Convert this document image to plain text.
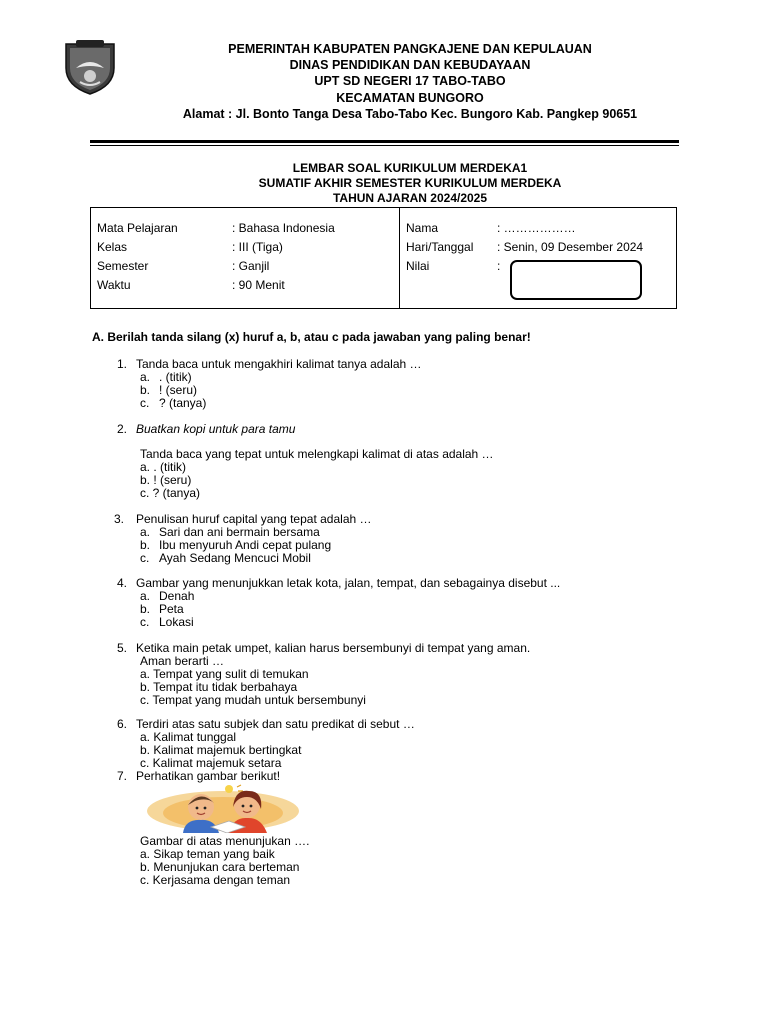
PEMERINTAH KABUPATEN PANGKAJENE DAN KEPULAUAN
DINAS PENDIDIKAN DAN KEBUDAYAAN
UPT SD NEGERI 17 TABO-TABO
KECAMATAN BUNGORO
Alamat : Jl. Bonto Tanga Desa Tabo-Tabo Kec. Bungoro Kab. Pangkep 90651
LEMBAR SOAL KURIKULUM MERDEKA1
SUMATIF AKHIR SEMESTER KURIKULUM MERDEKA
TAHUN AJARAN 2024/2025
Mata Pelajaran	: Bahasa Indonesia
Kelas	: III (Tiga)
Semester	: Ganjil
Waktu	: 90 Menit
Nama	: ………………
Hari/Tanggal : Senin, 09 Desember 2024
Nilai	:
A. Berilah tanda silang (x) huruf a, b, atau c pada jawaban yang paling benar!
1. Tanda baca untuk mengakhiri kalimat tanya adalah …
a. . (titik)
b. ! (seru)
c. ? (tanya)
2. Buatkan kopi untuk para tamu
Tanda baca yang tepat untuk melengkapi kalimat di atas adalah …
a. . (titik)
b. ! (seru)
c. ? (tanya)
3. Penulisan huruf capital yang tepat adalah …
a. Sari dan ani bermain bersama
b. Ibu menyuruh Andi cepat pulang
c. Ayah Sedang Mencuci Mobil
4. Gambar yang menunjukkan letak kota, jalan, tempat, dan sebagainya disebut ...
a. Denah
b. Peta
c. Lokasi
5. Ketika main petak umpet, kalian harus bersembunyi di tempat yang aman.
Aman berarti …
a. Tempat yang sulit di temukan
b. Tempat itu tidak berbahaya
c. Tempat yang mudah untuk bersembunyi
6. Terdiri atas satu subjek dan satu predikat di sebut …
a. Kalimat tunggal
b. Kalimat majemuk bertingkat
c. Kalimat majemuk setara
7. Perhatikan gambar berikut!
Gambar di atas menunjukan ….
a. Sikap teman yang baik
b. Menunjukan cara berteman
c. Kerjasama dengan teman
